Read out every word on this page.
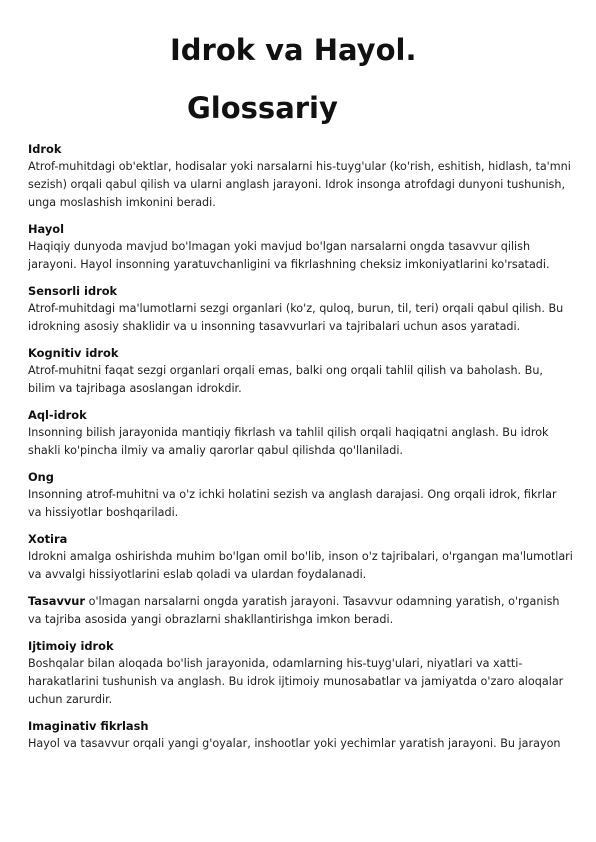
Idrok va Hayol.
Glossariy
Idrok
Atrof-muhitdagi ob'ektlar, hodisalar yoki narsalarni his-tuyg'ular (ko'rish, eshitish, hidlash, ta'mni sezish) orqali qabul qilish va ularni anglash jarayoni. Idrok insonga atrofdagi dunyoni tushunish, unga moslashish imkonini beradi.
Hayol
Haqiqiy dunyoda mavjud bo'lmagan yoki mavjud bo'lgan narsalarni ongda tasavvur qilish jarayoni. Hayol insonning yaratuvchanligini va fikrlashning cheksiz imkoniyatlarini ko'rsatadi.
Sensorli idrok
Atrof-muhitdagi ma'lumotlarni sezgi organlari (ko'z, quloq, burun, til, teri) orqali qabul qilish. Bu idrokning asosiy shaklidir va u insonning tasavvurlari va tajribalari uchun asos yaratadi.
Kognitiv idrok
Atrof-muhitni faqat sezgi organlari orqali emas, balki ong orqali tahlil qilish va baholash. Bu, bilim va tajribaga asoslangan idrokdir.
Aql-idrok
Insonning bilish jarayonida mantiqiy fikrlash va tahlil qilish orqali haqiqatni anglash. Bu idrok shakli ko'pincha ilmiy va amaliy qarorlar qabul qilishda qo'llaniladi.
Ong
Insonning atrof-muhitni va o'z ichki holatini sezish va anglash darajasi. Ong orqali idrok, fikrlar va hissiyotlar boshqariladi.
Xotira
Idrokni amalga oshirishda muhim bo'lgan omil bo'lib, inson o'z tajribalari, o'rgangan ma'lumotlari va avvalgi hissiyotlarini eslab qoladi va ulardan foydalanadi.
Tasavvur o'lmagan narsalarni ongda yaratish jarayoni. Tasavvur odamning yaratish, o'rganish va tajriba asosida yangi obrazlarni shakllantirishga imkon beradi.
Ijtimoiy idrok
Boshqalar bilan aloqada bo'lish jarayonida, odamlarning his-tuyg'ulari, niyatlari va xatti-harakatlarini tushunish va anglash. Bu idrok ijtimoiy munosabatlar va jamiyatda o'zaro aloqalar uchun zarurdir.
Imaginativ fikrlash
Hayol va tasavvur orqali yangi g'oyalar, inshootlar yoki yechimlar yaratish jarayoni. Bu jarayon
